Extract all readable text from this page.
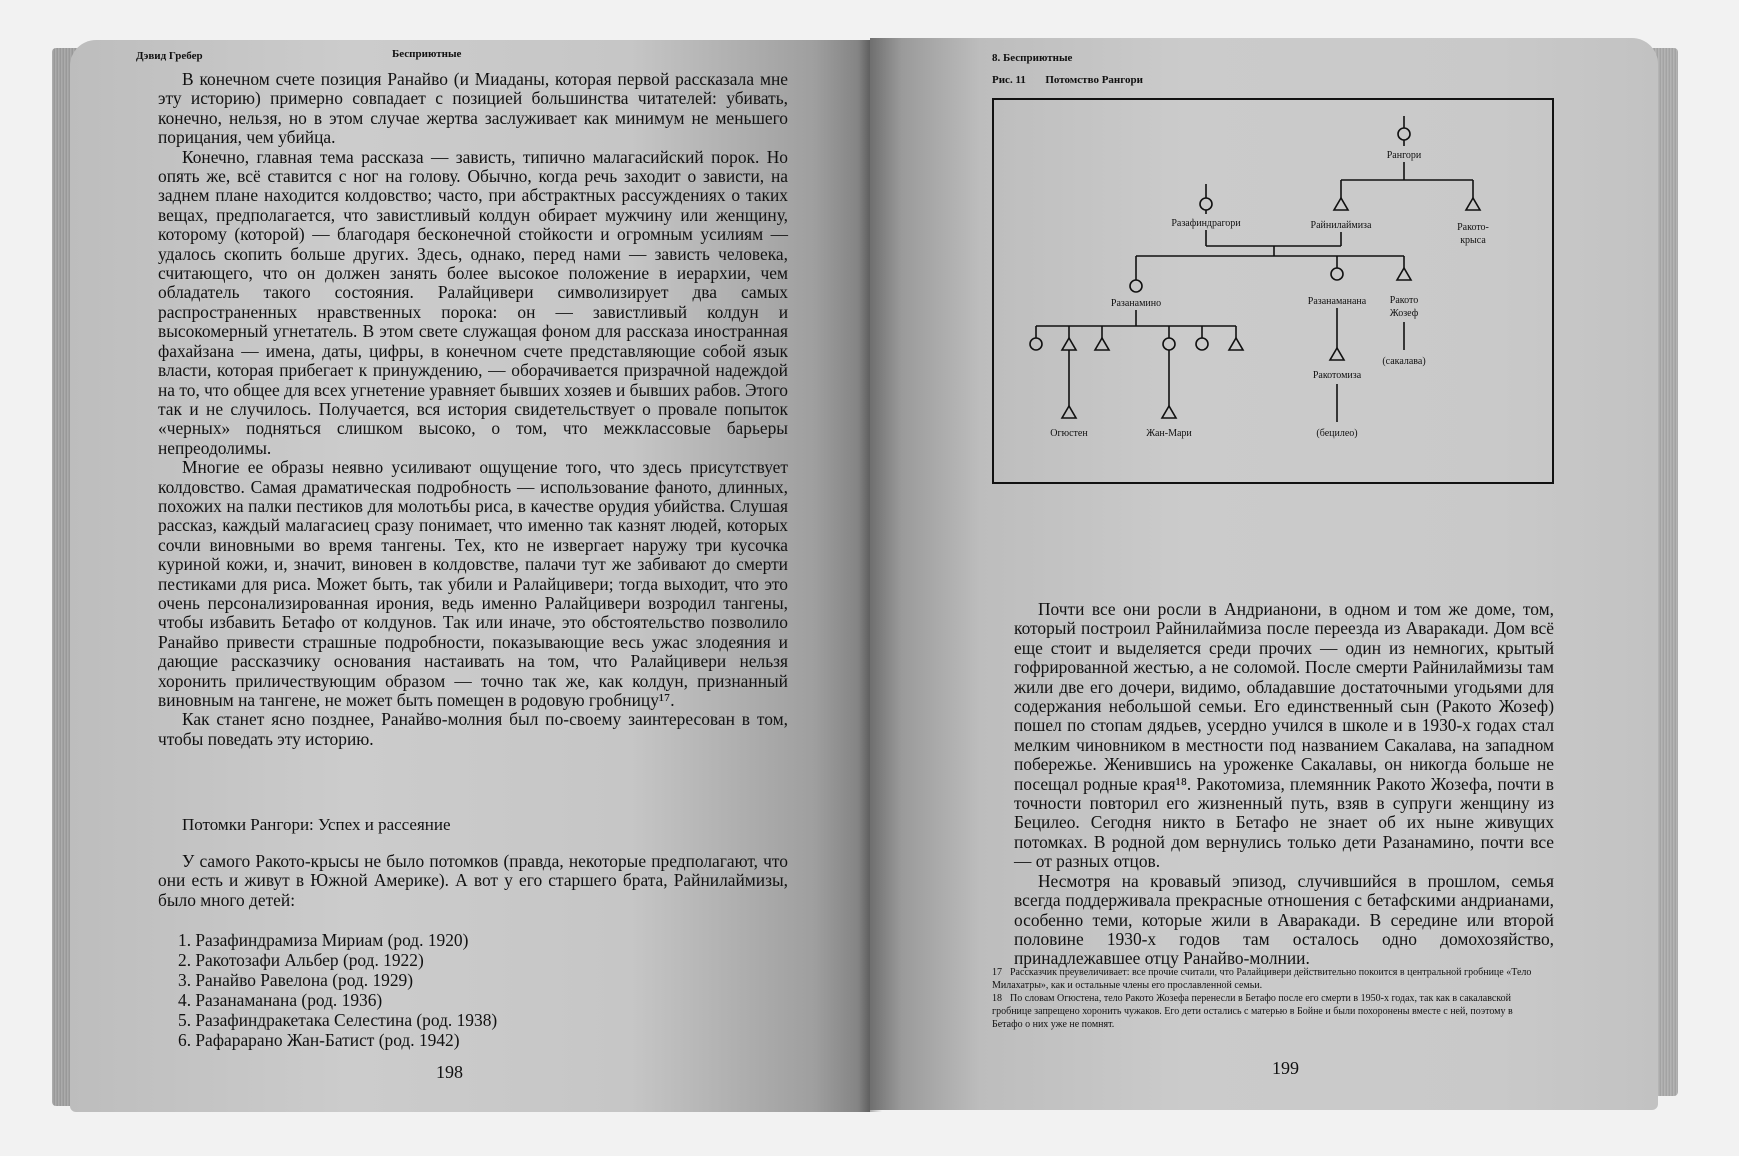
Дэвид Гребер	Бесприютные

В конечном счете позиция Ранайво (и Миаданы, которая первой рассказала мне эту историю) примерно совпадает с позицией большинства читателей: убивать, конечно, нельзя, но в этом случае жертва заслуживает как минимум не меньшего порицания, чем убийца.

Конечно, главная тема рассказа — зависть, типично малагасийский порок. Но опять же, всё ставится с ног на голову. Обычно, когда речь заходит о зависти, на заднем плане находится колдовство; часто, при абстрактных рассуждениях о таких вещах, предполагается, что завистливый колдун обирает мужчину или женщину, которому (которой) — благодаря бесконечной стойкости и огромным усилиям — удалось скопить больше других. Здесь, однако, перед нами — зависть человека, считающего, что он должен занять более высокое положение в иерархии, чем обладатель такого состояния. Ралайцивери символизирует два самых распространенных нравственных порока: он — завистливый колдун и высокомерный угнетатель. В этом свете служащая фоном для рассказа иностранная фахайзана — имена, даты, цифры, в конечном счете представляющие собой язык власти, которая прибегает к принуждению, — оборачивается призрачной надеждой на то, что общее для всех угнетение уравняет бывших хозяев и бывших рабов. Этого так и не случилось. Получается, вся история свидетельствует о провале попыток «черных» подняться слишком высоко, о том, что межклассовые барьеры непреодолимы.

Многие ее образы неявно усиливают ощущение того, что здесь присутствует колдовство. Самая драматическая подробность — использование фаното, длинных, похожих на палки пестиков для молотьбы риса, в качестве орудия убийства. Слушая рассказ, каждый малагасиец сразу понимает, что именно так казнят людей, которых сочли виновными во время тангены. Тех, кто не извергает наружу три кусочка куриной кожи, и, значит, виновен в колдовстве, палачи тут же забивают до смерти пестиками для риса. Может быть, так убили и Ралайцивери; тогда выходит, что это очень персонализированная ирония, ведь именно Ралайцивери возродил тангены, чтобы избавить Бетафо от колдунов. Так или иначе, это обстоятельство позволило Ранайво привести страшные подробности, показывающие весь ужас злодеяния и дающие рассказчику основания настаивать на том, что Ралайцивери нельзя хоронить приличествующим образом — точно так же, как колдун, признанный виновным на тангене, не может быть помещен в родовую гробницу¹⁷.

Как станет ясно позднее, Ранайво-молния был по-своему заинтересован в том, чтобы поведать эту историю.

Потомки Рангори: Успех и рассеяние

У самого Ракото-крысы не было потомков (правда, некоторые предполагают, что они есть и живут в Южной Америке). А вот у его старшего брата, Райнилаймизы, было много детей:

1. Разафиндрамиза Мириам (род. 1920)
2. Ракотозафи Альбер (род. 1922)
3. Ранайво Равелона (род. 1929)
4. Разанаманана (род. 1936)
5. Разафиндракетака Селестина (род. 1938)
6. Рафарарано Жан-Батист (род. 1942)
198
8. Бесприютные
Рис. 11 Потомство Рангори
Рангори
Разафиндрагори	Райнилаймиза	Ракото-
крыса
Разанамино
Огюстен	Жан-Мари
Разанаманана
Ракотомиза
(бецилео)
Ракото
Жозеф
(сакалава)

Почти все они росли в Андрианони, в одном и том же доме, том, который построил Райнилаймиза после переезда из Аваракади. Дом всё еще стоит и выделяется среди прочих — один из немногих, крытый гофрированной жестью, а не соломой. После смерти Райнилаймизы там жили две его дочери, видимо, обладавшие достаточными угодьями для содержания небольшой семьи. Его единственный сын (Ракото Жозеф) пошел по стопам дядьев, усердно учился в школе и в 1930-х годах стал мелким чиновником в местности под названием Сакалава, на западном побережье. Женившись на уроженке Сакалавы, он никогда больше не посещал родные края¹⁸. Ракотомиза, племянник Ракото Жозефа, почти в точности повторил его жизненный путь, взяв в супруги женщину из Бецилео. Сегодня никто в Бетафо не знает об их ныне живущих потомках. В родной дом вернулись только дети Разанамино, почти все — от разных отцов.

Несмотря на кровавый эпизод, случившийся в прошлом, семья всегда поддерживала прекрасные отношения с бетафскими андрианами, особенно теми, которые жили в Аваракади. В середине или второй половине 1930-х годов там осталось одно домохозяйство, принадлежавшее отцу Ранайво-молнии.

17 Рассказчик преувеличивает: все прочие считали, что Ралайцивери действительно покоится в центральной гробнице «Тело Милахатры», как и остальные члены его прославленной семьи.

18 По словам Огюстена, тело Ракото Жозефа перенесли в Бетафо после его смерти в 1950-х годах, так как в сакалавской гробнице запрещено хоронить чужаков. Его дети остались с матерью в Бойне и были похоронены вместе с ней, поэтому в Бетафо о них уже не помнят.

199
